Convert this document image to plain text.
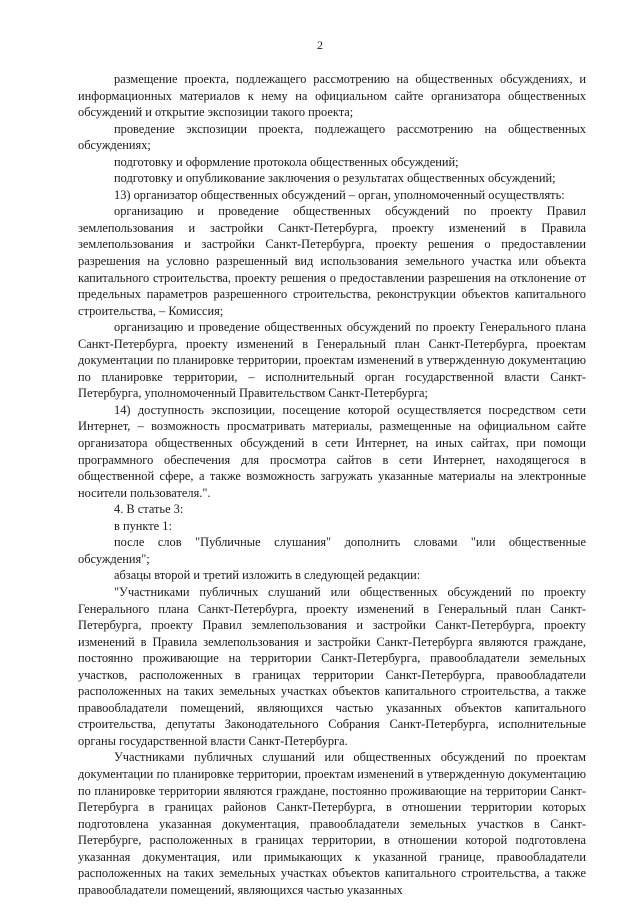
2

размещение проекта, подлежащего рассмотрению на общественных обсуждениях, и информационных материалов к нему на официальном сайте организатора общественных обсуждений и открытие экспозиции такого проекта;

проведение экспозиции проекта, подлежащего рассмотрению на общественных обсуждениях;

подготовку и оформление протокола общественных обсуждений;

подготовку и опубликование заключения о результатах общественных обсуждений;

13) организатор общественных обсуждений – орган, уполномоченный осуществлять:

организацию и проведение общественных обсуждений по проекту Правил землепользования и застройки Санкт-Петербурга, проекту изменений в Правила землепользования и застройки Санкт-Петербурга, проекту решения о предоставлении разрешения на условно разрешенный вид использования земельного участка или объекта капитального строительства, проекту решения о предоставлении разрешения на отклонение от предельных параметров разрешенного строительства, реконструкции объектов капитального строительства, – Комиссия;

организацию и проведение общественных обсуждений по проекту Генерального плана Санкт-Петербурга, проекту изменений в Генеральный план Санкт-Петербурга, проектам документации по планировке территории, проектам изменений в утвержденную документацию по планировке территории, – исполнительный орган государственной власти Санкт-Петербурга, уполномоченный Правительством Санкт-Петербурга;

14) доступность экспозиции, посещение которой осуществляется посредством сети Интернет, – возможность просматривать материалы, размещенные на официальном сайте организатора общественных обсуждений в сети Интернет, на иных сайтах, при помощи программного обеспечения для просмотра сайтов в сети Интернет, находящегося в общественной сфере, а также возможность загружать указанные материалы на электронные носители пользователя.".

4. В статье 3:

в пункте 1:

после слов "Публичные слушания" дополнить словами "или общественные обсуждения";

абзацы второй и третий изложить в следующей редакции:

"Участниками публичных слушаний или общественных обсуждений по проекту Генерального плана Санкт-Петербурга, проекту изменений в Генеральный план Санкт-Петербурга, проекту Правил землепользования и застройки Санкт-Петербурга, проекту изменений в Правила землепользования и застройки Санкт-Петербурга являются граждане, постоянно проживающие на территории Санкт-Петербурга, правообладатели земельных участков, расположенных в границах территории Санкт-Петербурга, правообладатели расположенных на таких земельных участках объектов капитального строительства, а также правообладатели помещений, являющихся частью указанных объектов капитального строительства, депутаты Законодательного Собрания Санкт-Петербурга, исполнительные органы государственной власти Санкт-Петербурга.

Участниками публичных слушаний или общественных обсуждений по проектам документации по планировке территории, проектам изменений в утвержденную документацию по планировке территории являются граждане, постоянно проживающие на территории Санкт-Петербурга в границах районов Санкт-Петербурга, в отношении территории которых подготовлена указанная документация, правообладатели земельных участков в Санкт-Петербурге, расположенных в границах территории, в отношении которой подготовлена указанная документация, или примыкающих к указанной границе, правообладатели расположенных на таких земельных участках объектов капитального строительства, а также правообладатели помещений, являющихся частью указанных
